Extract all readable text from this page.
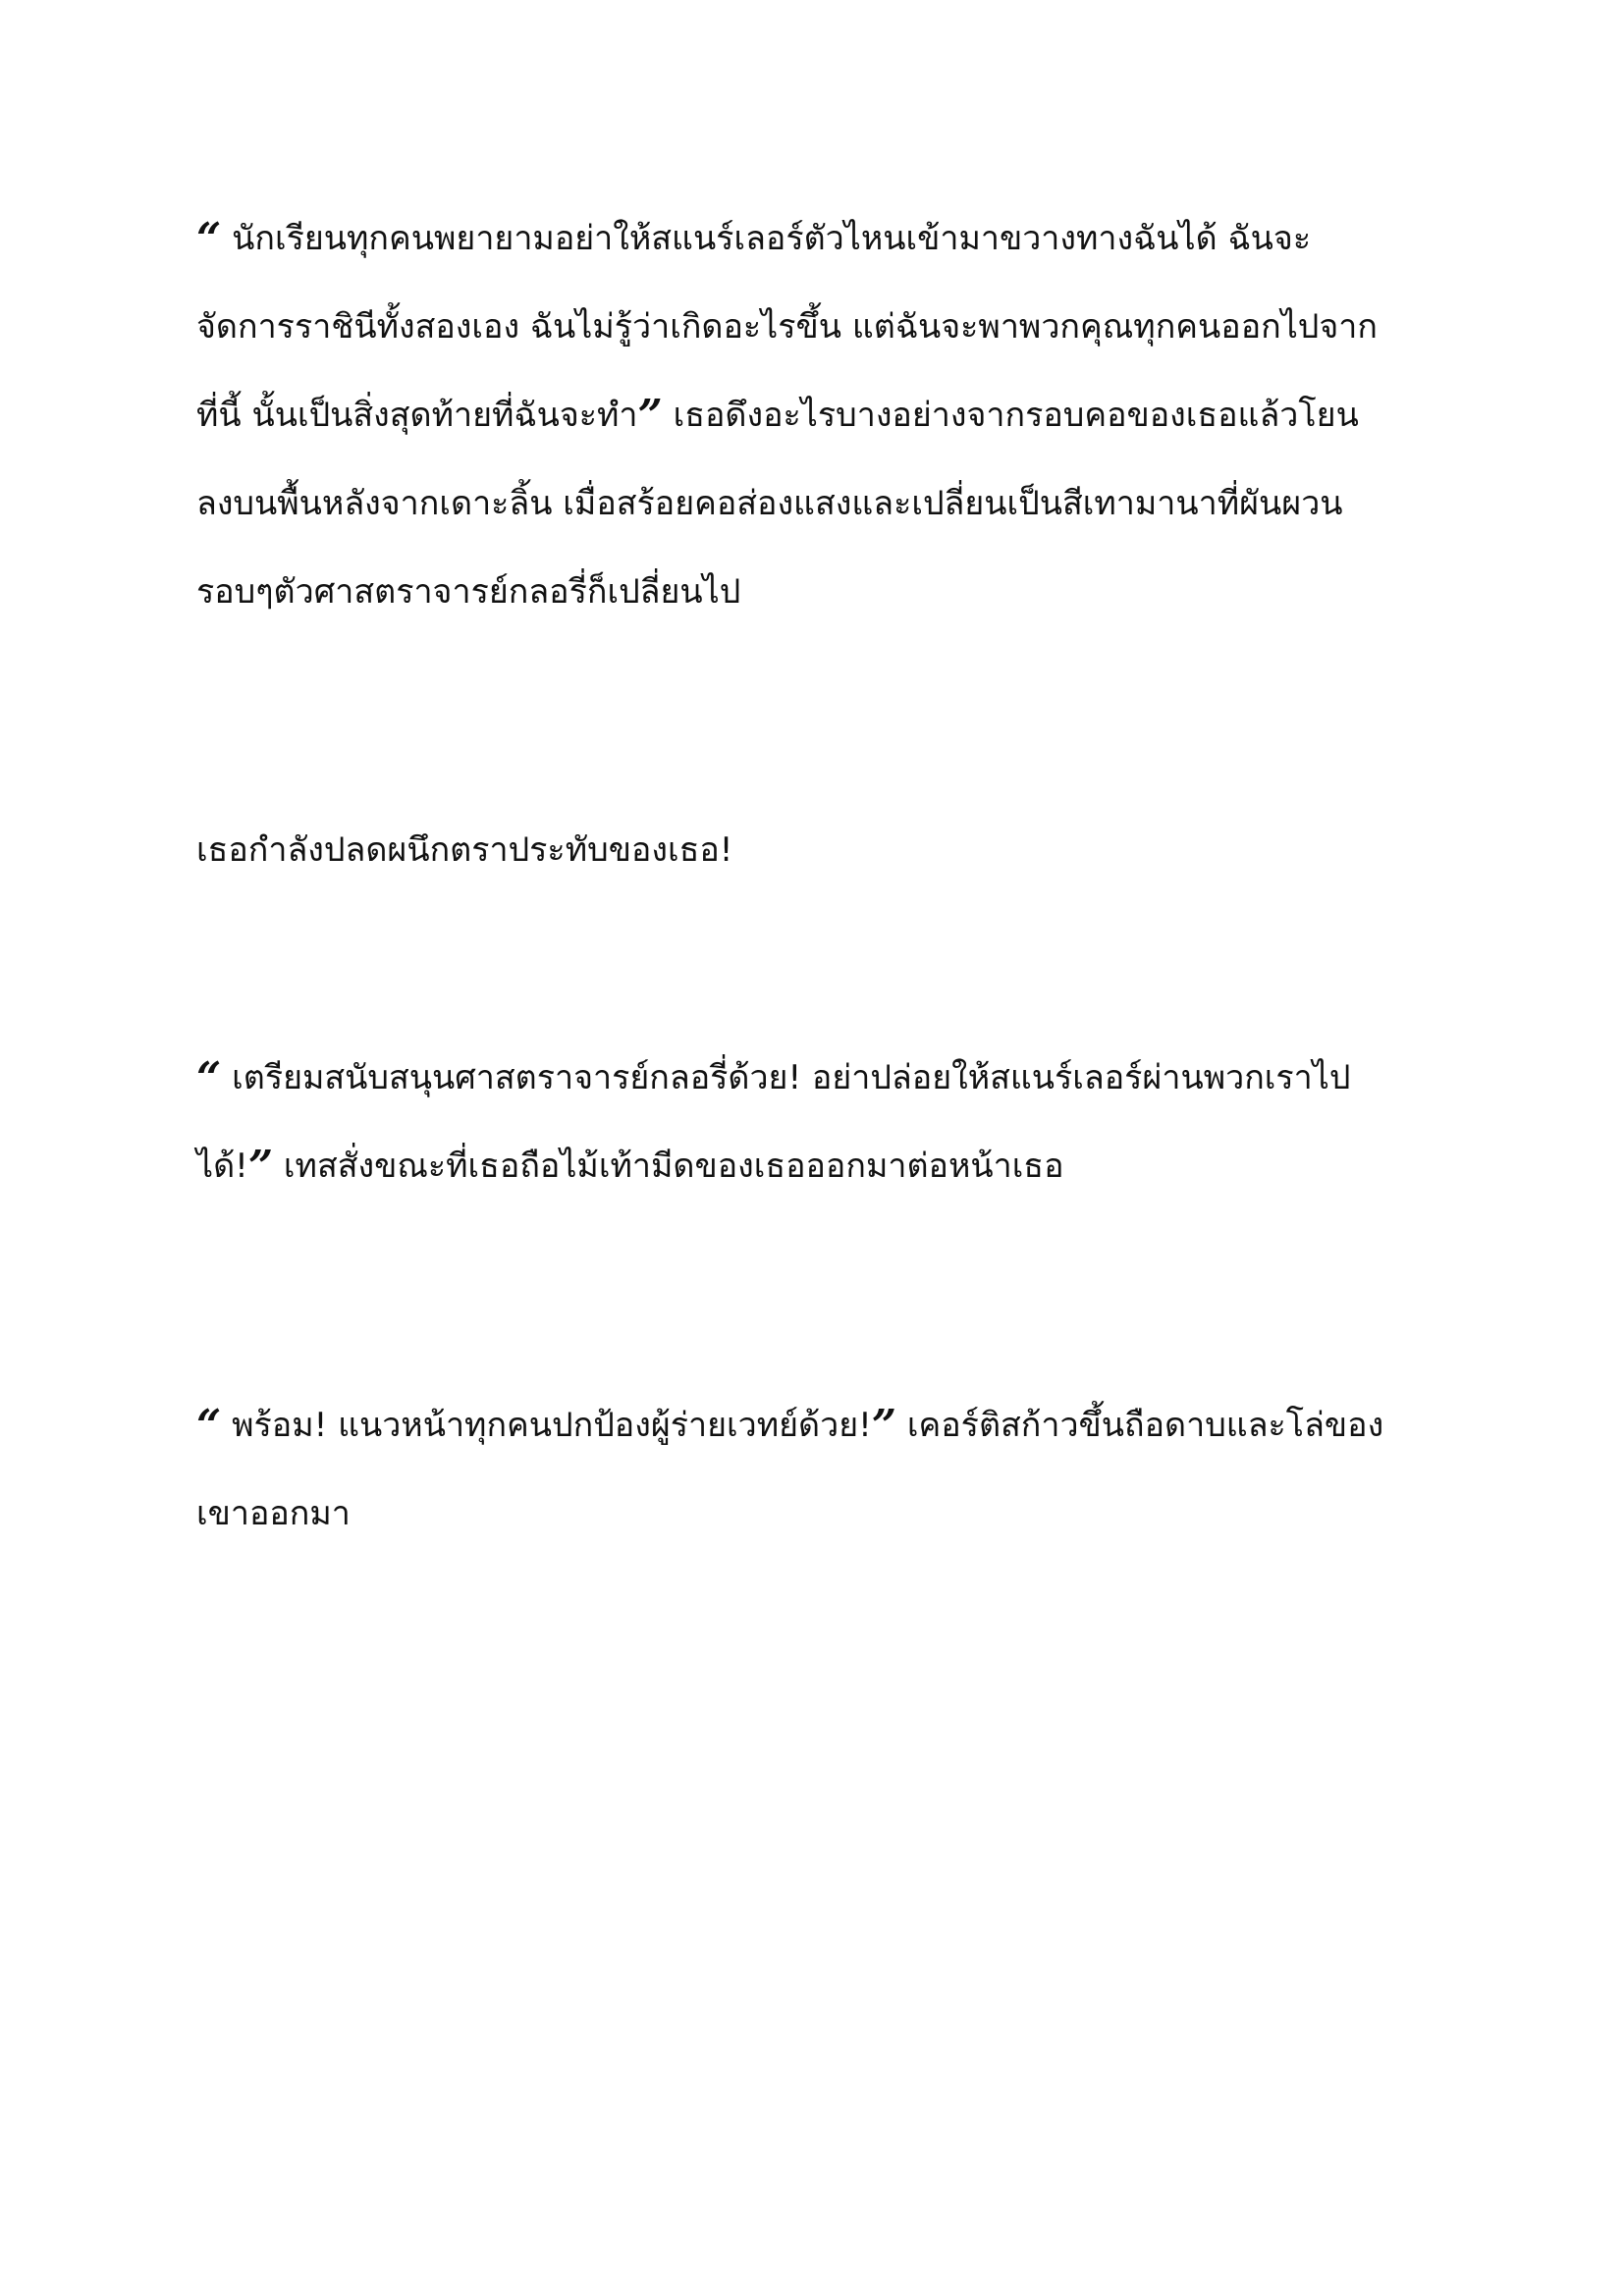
“ นักเรียนทุกคนพยายามอย่าให้สแนร์เลอร์ตัวไหนเข้ามาขวางทางฉันได้ ฉันจะ
จัดการราชินีทั้งสองเอง ฉันไม่รู้ว่าเกิดอะไรขึ้น แต่ฉันจะพาพวกคุณทุกคนออกไปจาก
ที่นี้ นั้นเป็นสิ่งสุดท้ายที่ฉันจะทำ” เธอดึงอะไรบางอย่างจากรอบคอของเธอแล้วโยน
ลงบนพื้นหลังจากเดาะลิ้น เมื่อสร้อยคอส่องแสงและเปลี่ยนเป็นสีเทามานาที่ผันผวน
รอบๆตัวศาสตราจารย์กลอรี่ก็เปลี่ยนไป

เธอกำลังปลดผนึกตราประทับของเธอ!

“ เตรียมสนับสนุนศาสตราจารย์กลอรี่ด้วย! อย่าปล่อยให้สแนร์เลอร์ผ่านพวกเราไป
ได้!” เทสสั่งขณะที่เธอถือไม้เท้ามีดของเธอออกมาต่อหน้าเธอ

“ พร้อม! แนวหน้าทุกคนปกป้องผู้ร่ายเวทย์ด้วย!” เคอร์ติสก้าวขึ้นถือดาบและโล่ของ
เขาออกมา
